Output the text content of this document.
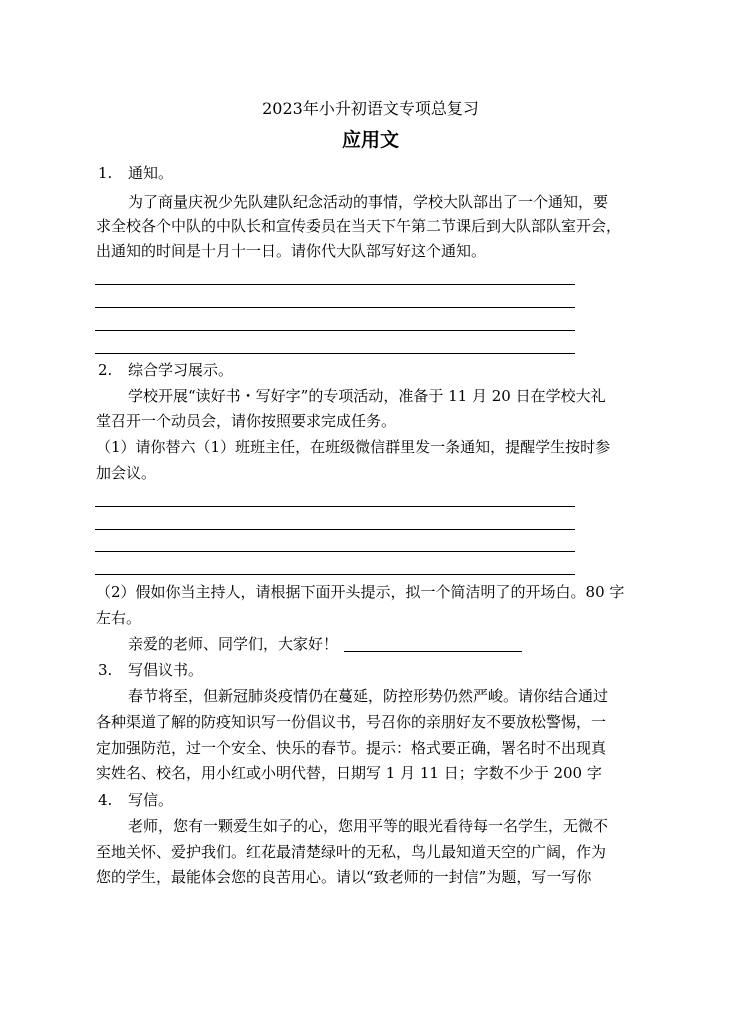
2023年小升初语文专项总复习
应用文
1. 通知。
为了商量庆祝少先队建队纪念活动的事情，学校大队部出了一个通知，要
求全校各个中队的中队长和宣传委员在当天下午第二节课后到大队部队室开会，
出通知的时间是十月十一日。请你代大队部写好这个通知。
2. 综合学习展示。
学校开展“读好书・写好字”的专项活动，准备于 11 月 20 日在学校大礼
堂召开一个动员会，请你按照要求完成任务。
（1）请你替六（1）班班主任，在班级微信群里发一条通知，提醒学生按时参
加会议。
（2）假如你当主持人，请根据下面开头提示，拟一个简洁明了的开场白。80 字
左右。
亲爱的老师、同学们，大家好！
3. 写倡议书。
春节将至，但新冠肺炎疫情仍在蔓延，防控形势仍然严峻。请你结合通过
各种渠道了解的防疫知识写一份倡议书，号召你的亲朋好友不要放松警惕，一
定加强防范，过一个安全、快乐的春节。提示：格式要正确，署名时不出现真
实姓名、校名，用小红或小明代替，日期写 1 月 11 日；字数不少于 200 字
4. 写信。
老师，您有一颗爱生如子的心，您用平等的眼光看待每一名学生，无微不
至地关怀、爱护我们。红花最清楚绿叶的无私，鸟儿最知道天空的广阔，作为
您的学生，最能体会您的良苦用心。请以“致老师的一封信”为题，写一写你
